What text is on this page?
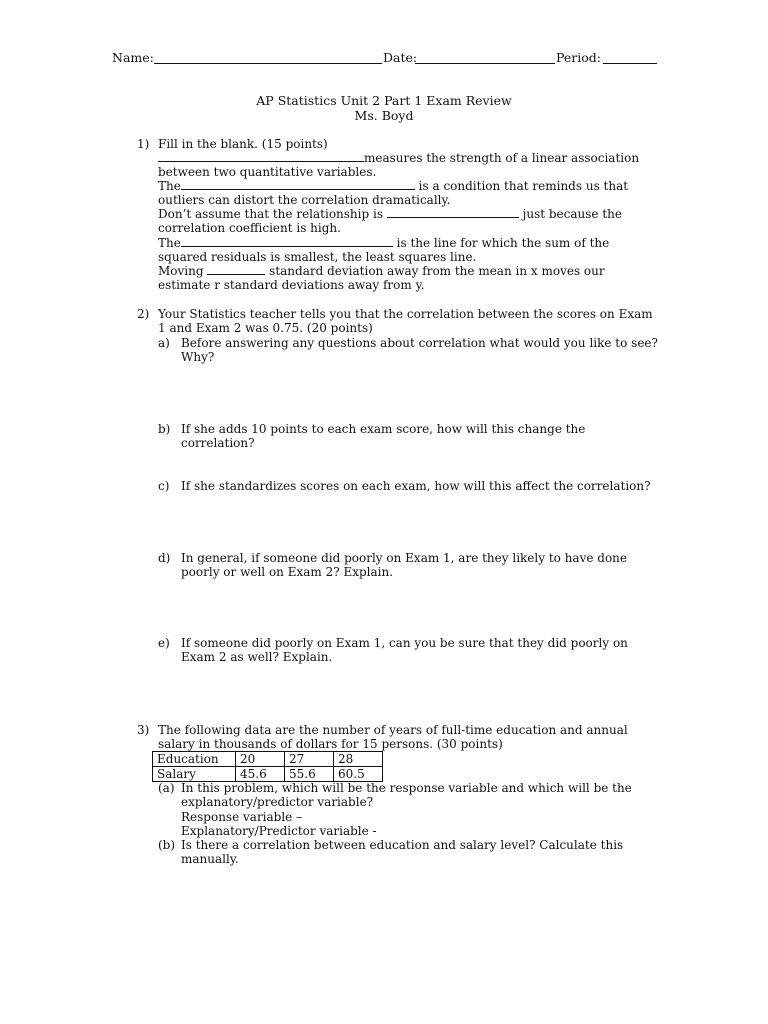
Name:	Date:	Period:
AP Statistics Unit 2 Part 1 Exam Review
Ms. Boyd
1) Fill in the blank. (15 points)
measures the strength of a linear association
between two quantitative variables.
The	is a condition that reminds us that
outliers can distort the correlation dramatically.
Don’t assume that the relationship is	just because the
correlation coefficient is high.
The	is the line for which the sum of the
squared residuals is smallest, the least squares line.
Moving	standard deviation away from the mean in x moves our
estimate r standard deviations away from y.
2) Your Statistics teacher tells you that the correlation between the scores on Exam 1 and Exam 2 was 0.75. (20 points)
a) Before answering any questions about correlation what would you like to see? Why?
b) If she adds 10 points to each exam score, how will this change the correlation?
c) If she standardizes scores on each exam, how will this affect the correlation?
d) In general, if someone did poorly on Exam 1, are they likely to have done poorly or well on Exam 2? Explain.
e) If someone did poorly on Exam 1, can you be sure that they did poorly on Exam 2 as well? Explain.
3) The following data are the number of years of full-time education and annual salary in thousands of dollars for 15 persons. (30 points)
Education	20	27	28
Salary	45.6	55.6	60.5
(a) In this problem, which will be the response variable and which will be the explanatory/predictor variable?
Response variable –
Explanatory/Predictor variable -
(b) Is there a correlation between education and salary level? Calculate this manually.
